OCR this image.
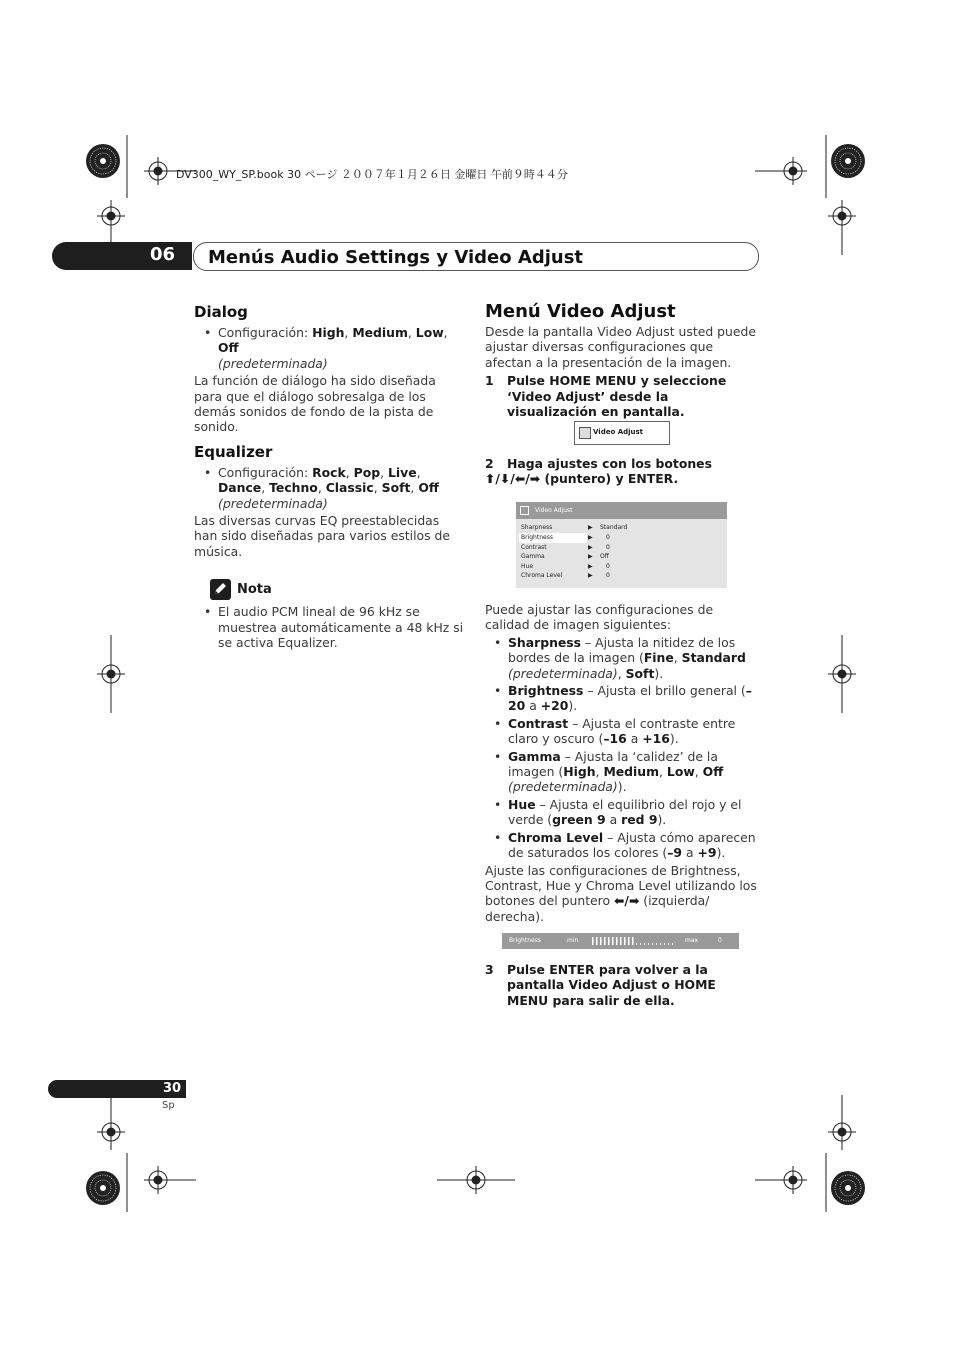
DV300_WY_SP.book 30 ページ ２００７年１月２６日 金曜日 午前９時４４分
06	Menús Audio Settings y Video Adjust
Dialog
• Configuración: High, Medium, Low, Off
(predeterminada)
La función de diálogo ha sido diseñada para que el diálogo sobresalga de los demás sonidos de fondo de la pista de sonido.
Equalizer
• Configuración: Rock, Pop, Live, Dance, Techno, Classic, Soft, Off
(predeterminada)
Las diversas curvas EQ preestablecidas han sido diseñadas para varios estilos de música.
Nota
• El audio PCM lineal de 96 kHz se muestrea automáticamente a 48 kHz si se activa Equalizer.
Menú Video Adjust
Desde la pantalla Video Adjust usted puede ajustar diversas configuraciones que afectan a la presentación de la imagen.
1 Pulse HOME MENU y seleccione ‘Video Adjust’ desde la visualización en pantalla.
Video Adjust
2 Haga ajustes con los botones
⬆/⬇/⬅/➡ (puntero) y ENTER.
Video Adjust
Sharpness	▶ Standard
Brightness	▶ 0
Contrast	▶ 0
Gamma	▶ Off
Hue	▶ 0
Chroma Level	▶ 0
Puede ajustar las configuraciones de calidad de imagen siguientes:
• Sharpness – Ajusta la nitidez de los bordes de la imagen (Fine, Standard (predeterminada), Soft).
• Brightness – Ajusta el brillo general (–20 a +20).
• Contrast – Ajusta el contraste entre claro y oscuro (–16 a +16).
• Gamma – Ajusta la ‘calidez’ de la imagen (High, Medium, Low, Off (predeterminada)).
• Hue – Ajusta el equilibrio del rojo y el verde (green 9 a red 9).
• Chroma Level – Ajusta cómo aparecen de saturados los colores (–9 a +9).
Ajuste las configuraciones de Brightness, Contrast, Hue y Chroma Level utilizando los botones del puntero ⬅/➡ (izquierda/ derecha).
Brightness	min	max	0
3 Pulse ENTER para volver a la pantalla Video Adjust o HOME MENU para salir de ella.
30
Sp
